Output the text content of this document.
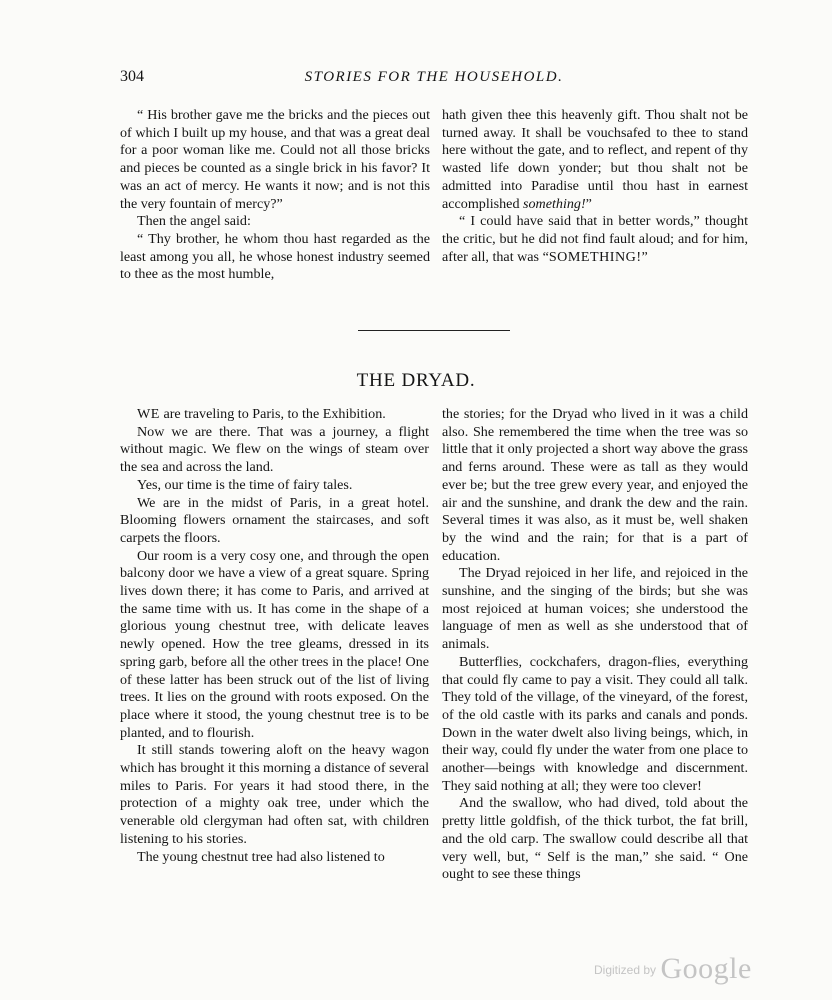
304	STORIES FOR THE HOUSEHOLD.

“ His brother gave me the bricks and the pieces out of which I built up my house, and that was a great deal for a poor woman like me. Could not all those bricks and pieces be counted as a single brick in his favor? It was an act of mercy. He wants it now; and is not this the very fountain of mercy?”

Then the angel said:

“ Thy brother, he whom thou hast regarded as the least among you all, he whose honest industry seemed to thee as the most humble,

hath given thee this heavenly gift. Thou shalt not be turned away. It shall be vouchsafed to thee to stand here without the gate, and to reflect, and repent of thy wasted life down yonder; but thou shalt not be admitted into Paradise until thou hast in earnest accomplished something!”

“ I could have said that in better words,” thought the critic, but he did not find fault aloud; and for him, after all, that was “SOMETHING!”

THE DRYAD.

WE are traveling to Paris, to the Exhibition.

Now we are there. That was a journey, a flight without magic. We flew on the wings of steam over the sea and across the land.

Yes, our time is the time of fairy tales.

We are in the midst of Paris, in a great hotel. Blooming flowers ornament the staircases, and soft carpets the floors.

Our room is a very cosy one, and through the open balcony door we have a view of a great square. Spring lives down there; it has come to Paris, and arrived at the same time with us. It has come in the shape of a glorious young chestnut tree, with delicate leaves newly opened. How the tree gleams, dressed in its spring garb, before all the other trees in the place! One of these latter has been struck out of the list of living trees. It lies on the ground with roots exposed. On the place where it stood, the young chestnut tree is to be planted, and to flourish.

It still stands towering aloft on the heavy wagon which has brought it this morning a distance of several miles to Paris. For years it had stood there, in the protection of a mighty oak tree, under which the venerable old clergyman had often sat, with children listening to his stories.

The young chestnut tree had also listened to

the stories; for the Dryad who lived in it was a child also. She remembered the time when the tree was so little that it only projected a short way above the grass and ferns around. These were as tall as they would ever be; but the tree grew every year, and enjoyed the air and the sunshine, and drank the dew and the rain. Several times it was also, as it must be, well shaken by the wind and the rain; for that is a part of education.

The Dryad rejoiced in her life, and rejoiced in the sunshine, and the singing of the birds; but she was most rejoiced at human voices; she understood the language of men as well as she understood that of animals.

Butterflies, cockchafers, dragon-flies, everything that could fly came to pay a visit. They could all talk. They told of the village, of the vineyard, of the forest, of the old castle with its parks and canals and ponds. Down in the water dwelt also living beings, which, in their way, could fly under the water from one place to another—beings with knowledge and discernment. They said nothing at all; they were too clever!

And the swallow, who had dived, told about the pretty little goldfish, of the thick turbot, the fat brill, and the old carp. The swallow could describe all that very well, but, “ Self is the man,” she said. “ One ought to see these things

$^{Digitized by}$ Google
